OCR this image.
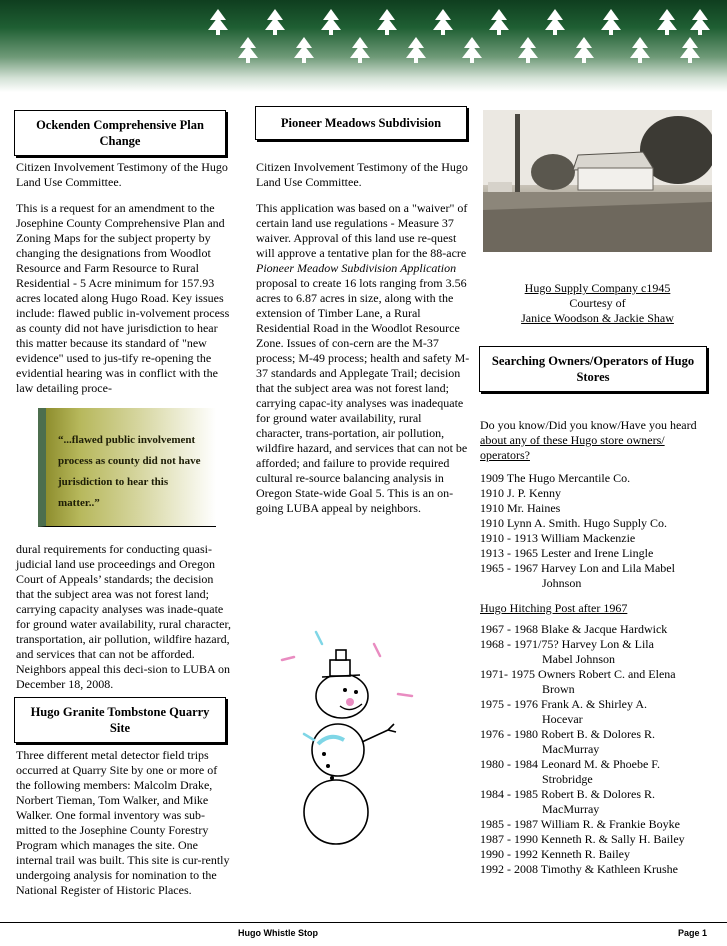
Ockenden Comprehensive Plan Change

Citizen Involvement Testimony of the Hugo Land Use Committee.

This is a request for an amendment to the Josephine County Comprehensive Plan and Zoning Maps for the subject property by changing the designations from Woodlot Resource and Farm Resource to Rural Residential - 5 Acre minimum for 157.93 acres located along Hugo Road. Key issues include: flawed public in-volvement process as county did not have jurisdiction to hear this matter because its standard of "new evidence" used to jus-tify re-opening the evidential hearing was in conflict with the law detailing proce-

“...flawed public involvement process as county did not have jurisdiction to hear this matter..”

dural requirements for conducting quasi-judicial land use proceedings and Oregon Court of Appeals’ standards; the decision that the subject area was not forest land; carrying capacity analyses was inade-quate for ground water availability, rural character, transportation, air pollution, wildfire hazard, and services that can not be afforded. Neighbors appeal this deci-sion to LUBA on December 18, 2008.

Hugo Granite Tombstone Quarry Site

Three different metal detector field trips occurred at Quarry Site by one or more of the following members: Malcolm Drake, Norbert Tieman, Tom Walker, and Mike Walker. One formal inventory was sub-mitted to the Josephine County Forestry Program which manages the site. One internal trail was built. This site is cur-rently undergoing analysis for nomination to the National Register of Historic Places.

Pioneer Meadows Subdivision

Citizen Involvement Testimony of the Hugo Land Use Committee.

This application was based on a "waiver" of certain land use regulations - Measure 37 waiver. Approval of this land use re-quest will approve a tentative plan for the 88-acre Pioneer Meadow Subdivision Application proposal to create 16 lots ranging from 3.56 acres to 6.87 acres in size, along with the extension of Timber Lane, a Rural Residential Road in the Woodlot Resource Zone. Issues of con-cern are the M-37 process; M-49 process; health and safety M-37 standards and Applegate Trail; decision that the subject area was not forest land; carrying capac-ity analyses was inadequate for ground water availability, rural character, trans-portation, air pollution, wildfire hazard, and services that can not be afforded; and failure to provide required cultural re-source balancing analysis in Oregon State-wide Goal 5. This is an on-going LUBA appeal by neighbors.

Hugo Supply Company c1945
Courtesy of
Janice Woodson & Jackie Shaw
Searching Owners/Operators of Hugo Stores
Do you know/Did you know/Have you heard
about any of these Hugo store owners/
operators?
1909 The Hugo Mercantile Co.
1910 J. P. Kenny
1910 Mr. Haines
1910 Lynn A. Smith. Hugo Supply Co.
1910 - 1913 William Mackenzie
1913 - 1965 Lester and Irene Lingle
1965 - 1967 Harvey Lon and Lila Mabel
Johnson
Hugo Hitching Post after 1967
1967 - 1968 Blake & Jacque Hardwick
1968 - 1971/75? Harvey Lon & Lila
Mabel Johnson
1971- 1975 Owners Robert C. and Elena
Brown
1975 - 1976 Frank A. & Shirley A.
Hocevar
1976 - 1980 Robert B. & Dolores R.
MacMurray
1980 - 1984 Leonard M. & Phoebe F.
Strobridge
1984 - 1985 Robert B. & Dolores R.
MacMurray
1985 - 1987 William R. & Frankie Boyke
1987 - 1990 Kenneth R. & Sally H. Bailey
1990 - 1992 Kenneth R. Bailey
1992 - 2008 Timothy & Kathleen Krushe
Hugo Whistle Stop	Page 1
